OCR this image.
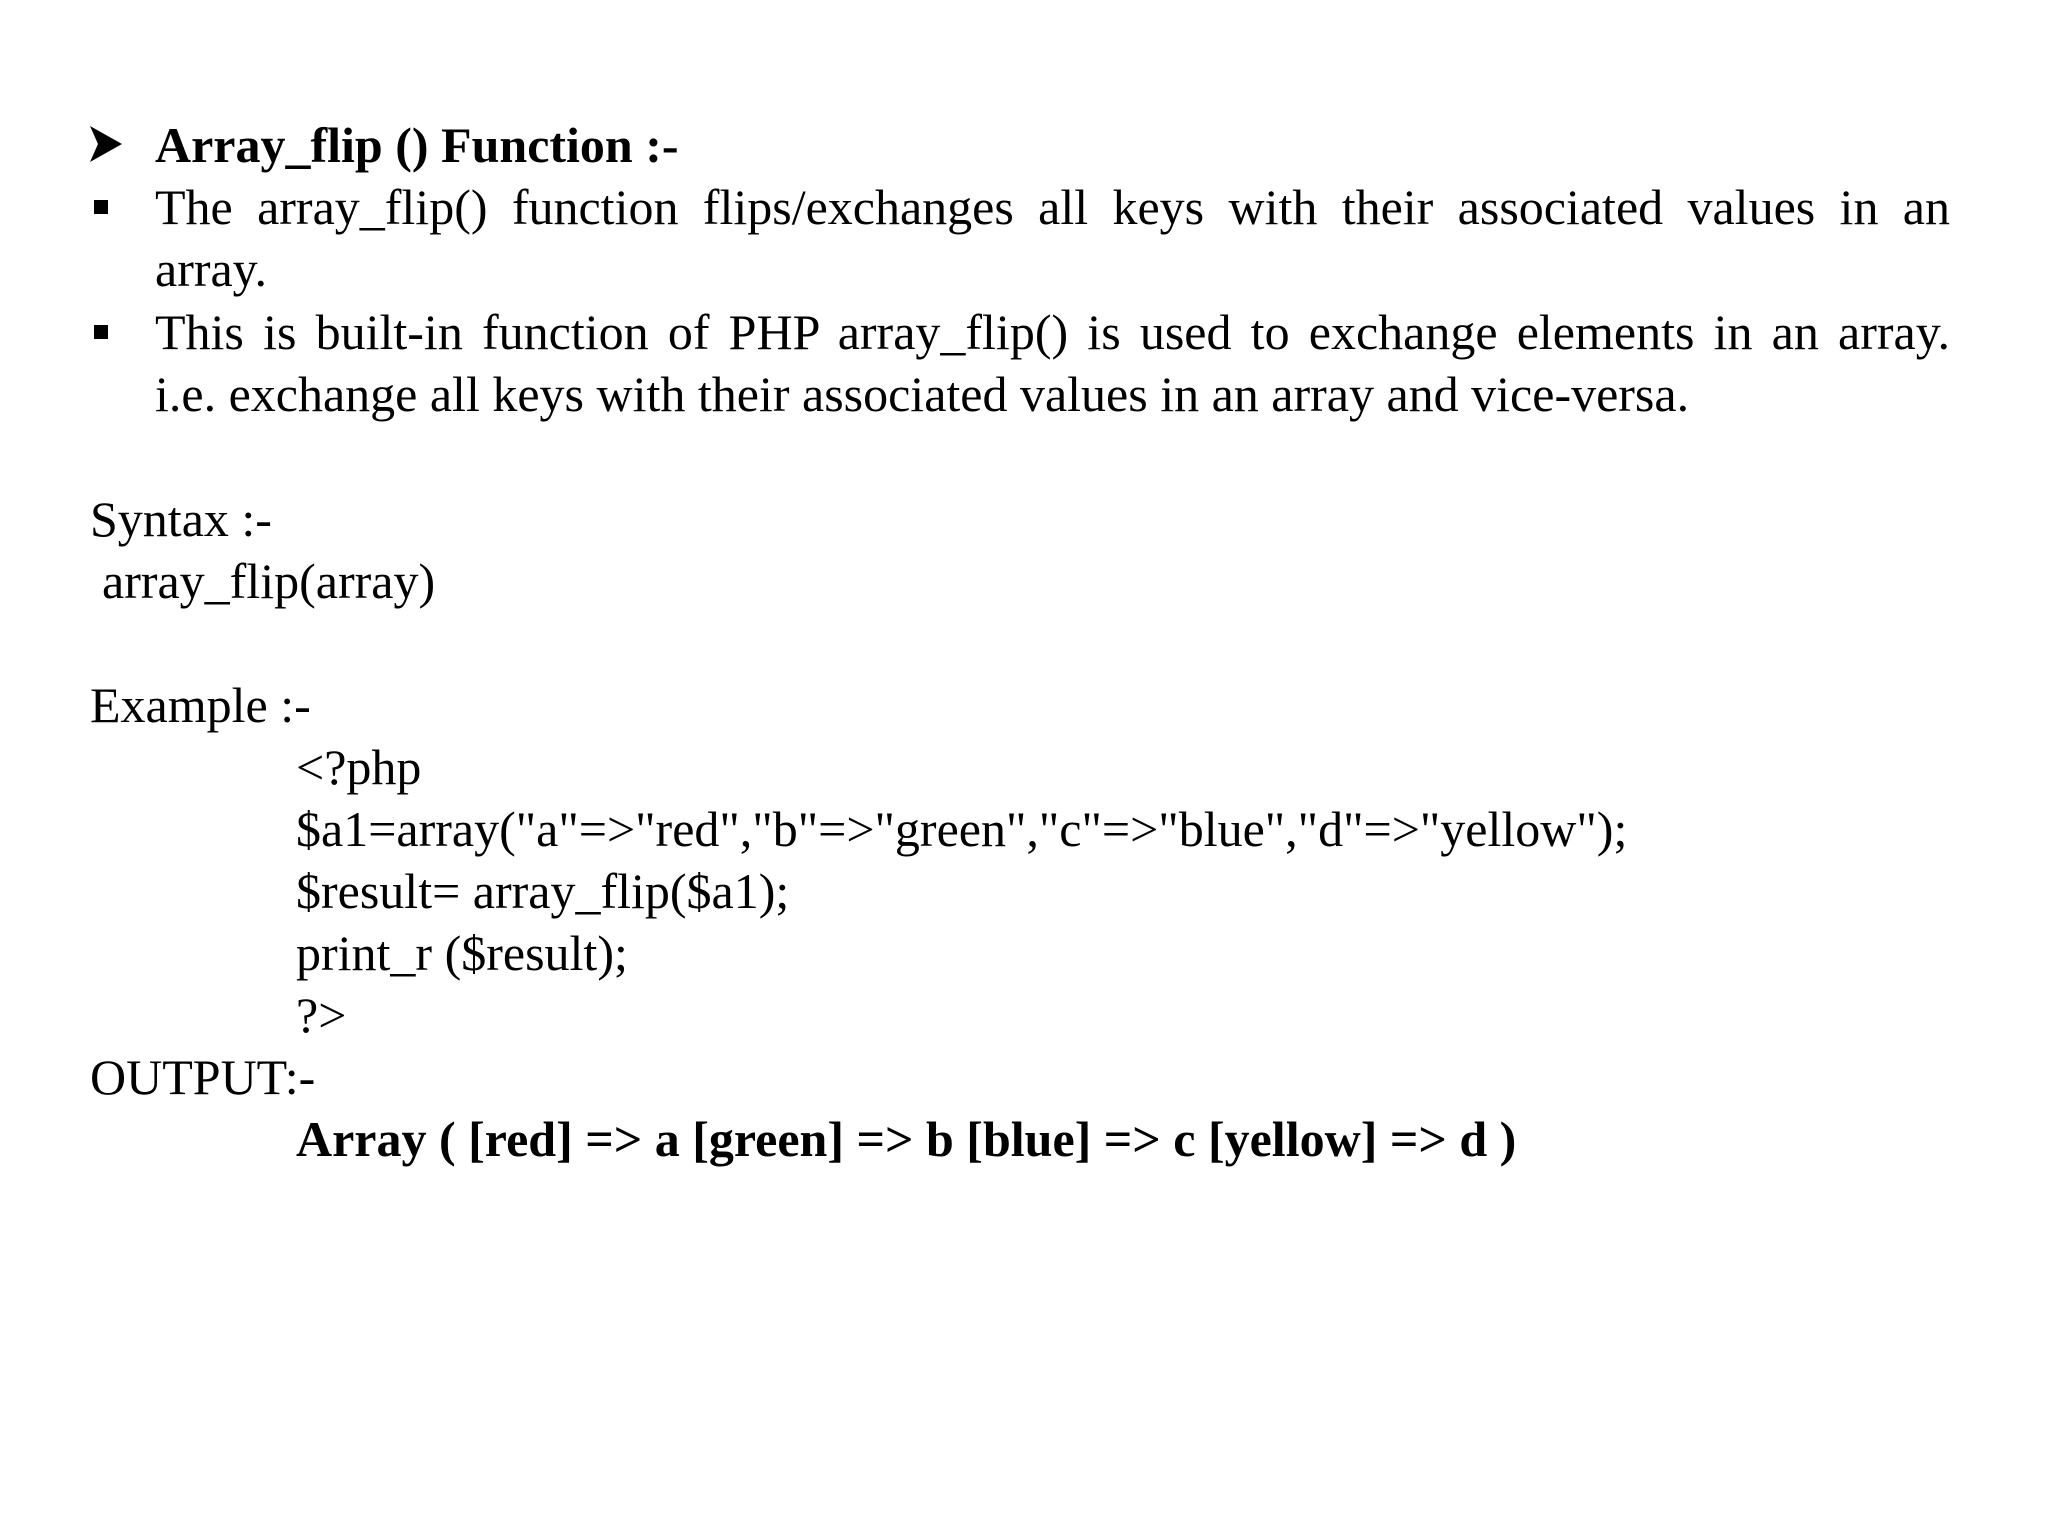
Array_flip () Function :-
The array_flip() function flips/exchanges all keys with their associated values in an
array.
This is built-in function of PHP array_flip() is used to exchange elements in an array.
i.e. exchange all keys with their associated values in an array and vice-versa.
Syntax :-
array_flip(array)
Example :-
<?php
$a1=array("a"=>"red","b"=>"green","c"=>"blue","d"=>"yellow");
$result= array_flip($a1);
print_r ($result);
?>
OUTPUT:-
Array ( [red] => a [green] => b [blue] => c [yellow] => d )
